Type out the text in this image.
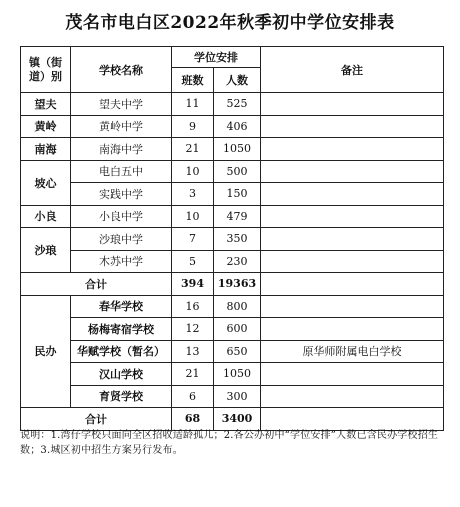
茂名市电白区2022年秋季初中学位安排表
镇（街道）别	学校名称	学位安排		备注
		班数	人数	
望夫	望夫中学	11	525	
黄岭	黄岭中学	9	406	
南海	南海中学	21	1050	
坡心	电白五中	10	500	
	实践中学	3	150	
小良	小良中学	10	479	
沙琅	沙琅中学	7	350	
	木苏中学	5	230	
合计		394	19363	
民办	春华学校	16	800	
	杨梅寄宿学校	12	600	
	华赋学校（暂名）	13	650	原华师附属电白学校
	汉山学校	21	1050	
	育贤学校	6	300	
合计		68	3400	
说明：1.湾仔学校只面向全区招收适龄孤儿；2.各公办初中“学位安排”人数已含民办学校招生数；3.城区初中招生方案另行发布。
